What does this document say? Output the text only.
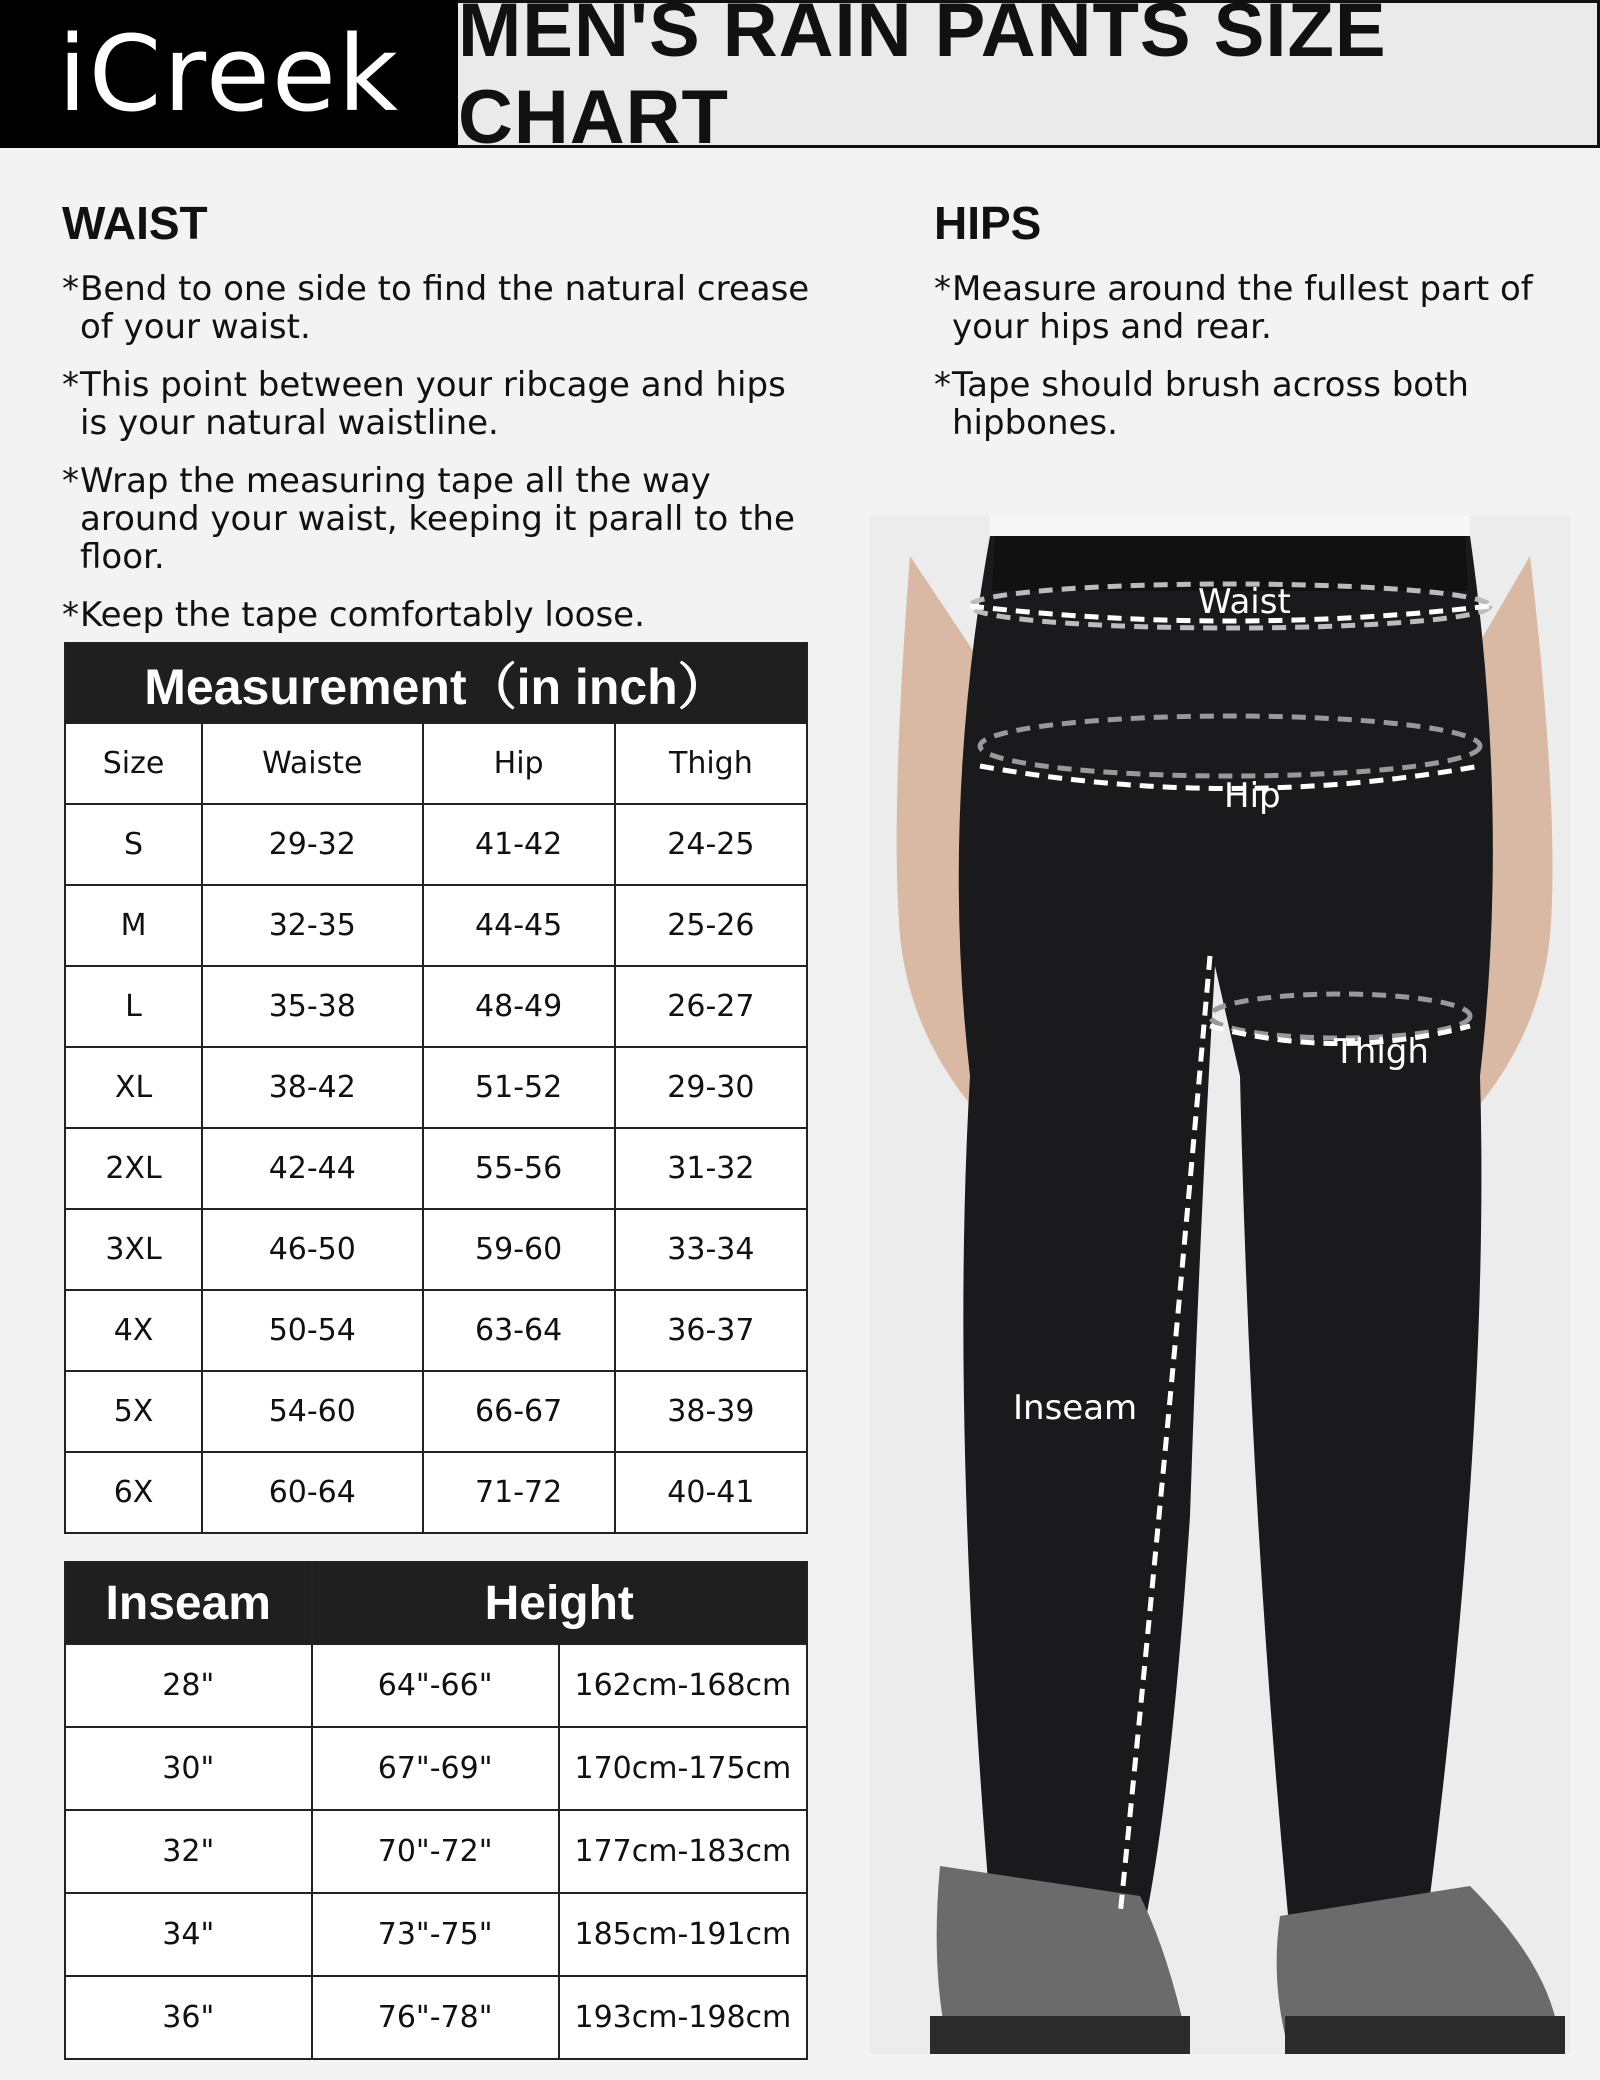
iCreek MEN'S RAIN PANTS SIZE CHART
WAIST
* Bend to one side to find the natural crease of your waist.
* This point between your ribcage and hips is your natural waistline.
* Wrap the measuring tape all the way around your waist, keeping it parall to the floor.
* Keep the tape comfortably loose.
HIPS
* Measure around the fullest part of your hips and rear.
* Tape should brush across both hipbones.
Measurement（in inch）			
Size	Waiste	Hip	Thigh
S	29-32	41-42	24-25
M	32-35	44-45	25-26
L	35-38	48-49	26-27
XL	38-42	51-52	29-30
2XL	42-44	55-56	31-32
3XL	46-50	59-60	33-34
4X	50-54	63-64	36-37
5X	54-60	66-67	38-39
6X	60-64	71-72	40-41
Inseam	Height	
28"	64"-66"	162cm-168cm
30"	67"-69"	170cm-175cm
32"	70"-72"	177cm-183cm
34"	73"-75"	185cm-191cm
36"	76"-78"	193cm-198cm
Waist
Hip
Thigh
Inseam
